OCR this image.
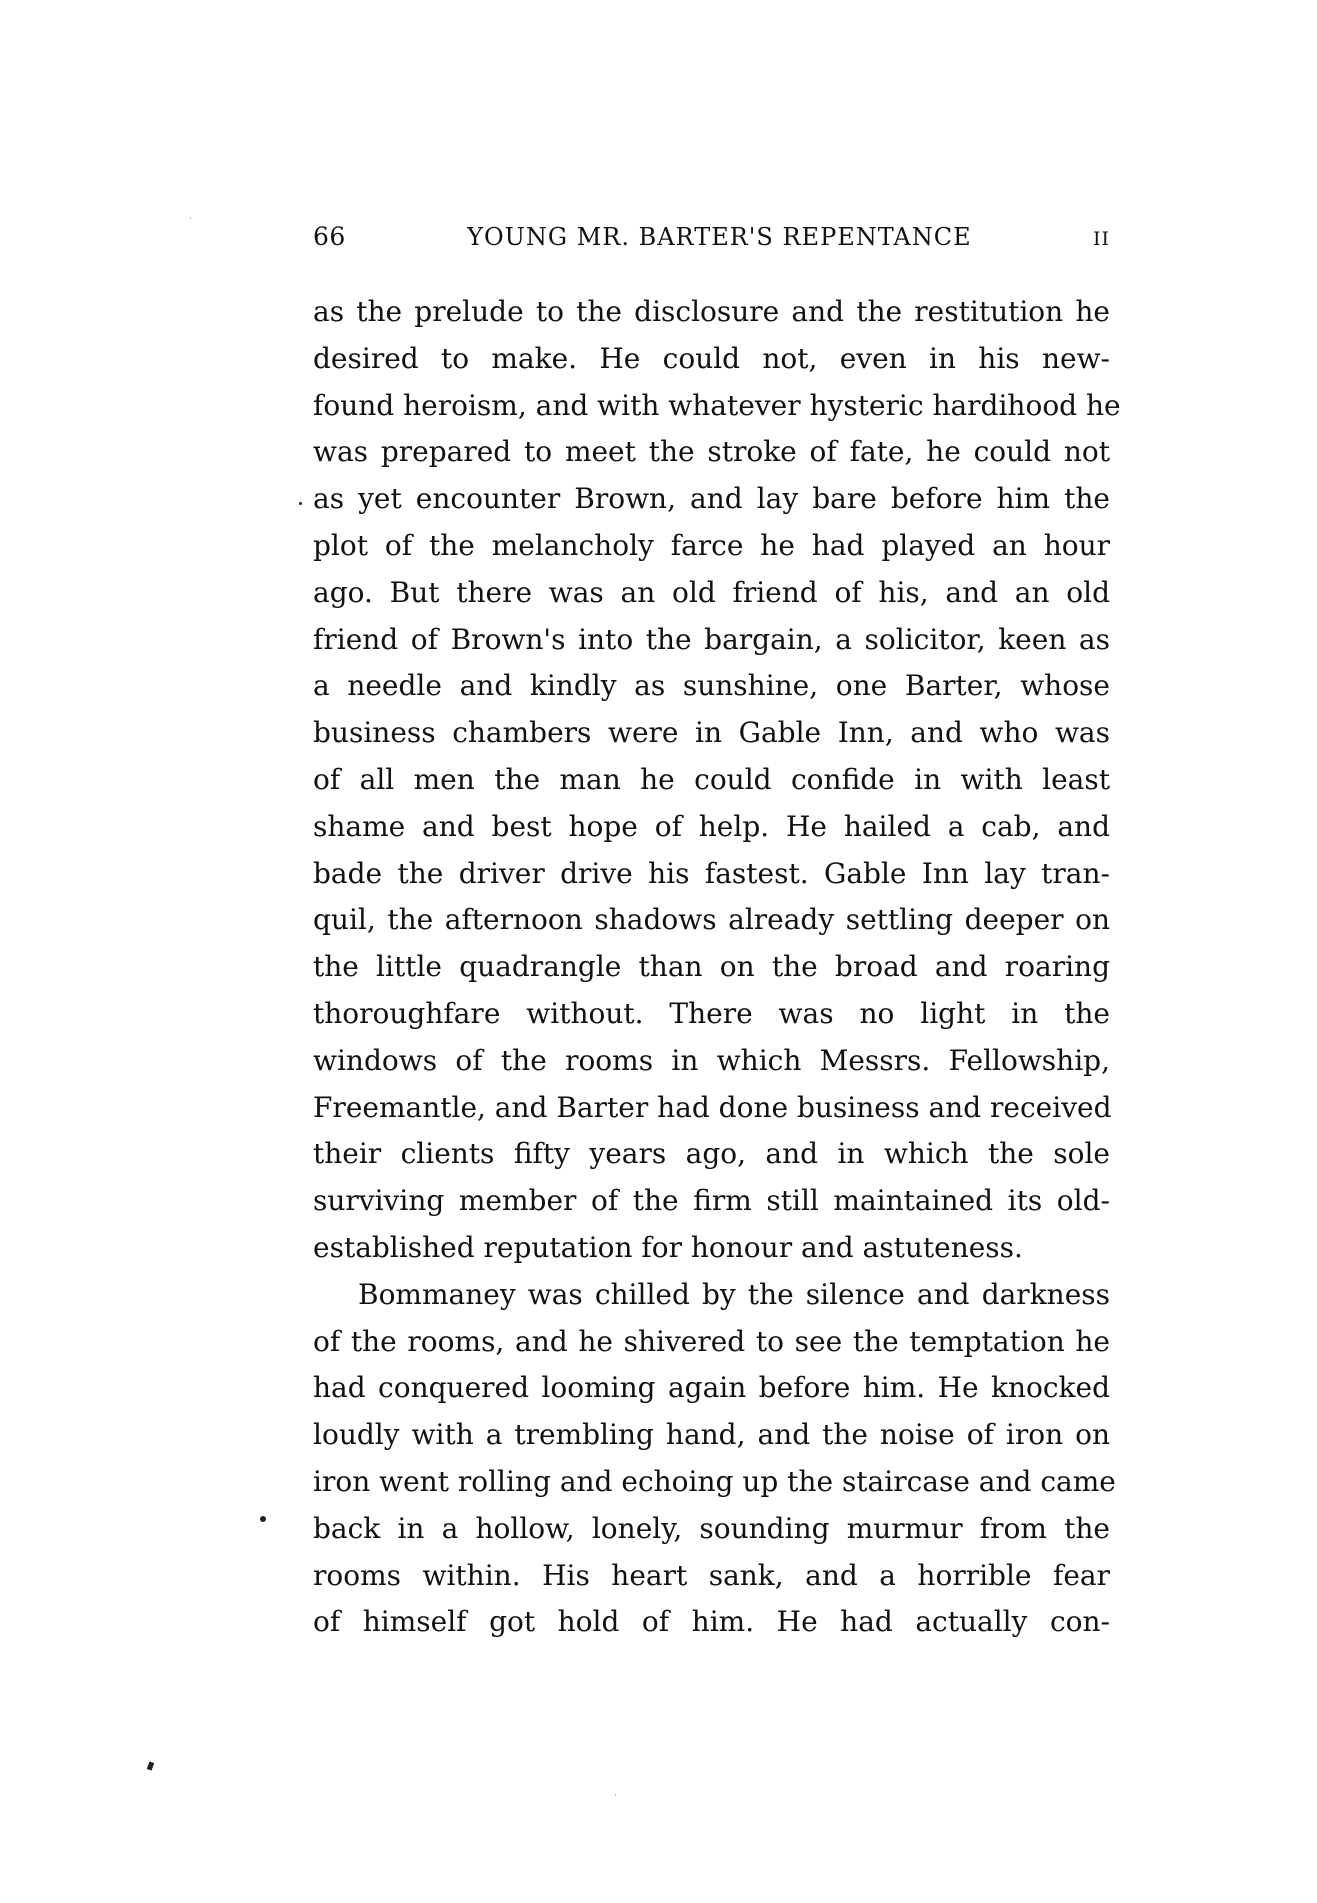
66	YOUNG MR. BARTER'S REPENTANCE	II
as the prelude to the disclosure and the restitution he
desired to make. He could not, even in his new-
found heroism, and with whatever hysteric hardihood he
was prepared to meet the stroke of fate, he could not
as yet encounter Brown, and lay bare before him the
plot of the melancholy farce he had played an hour
ago. But there was an old friend of his, and an old
friend of Brown's into the bargain, a solicitor, keen as
a needle and kindly as sunshine, one Barter, whose
business chambers were in Gable Inn, and who was
of all men the man he could confide in with least
shame and best hope of help. He hailed a cab, and
bade the driver drive his fastest. Gable Inn lay tran-
quil, the afternoon shadows already settling deeper on
the little quadrangle than on the broad and roaring
thoroughfare without. There was no light in the
windows of the rooms in which Messrs. Fellowship,
Freemantle, and Barter had done business and received
their clients fifty years ago, and in which the sole
surviving member of the firm still maintained its old-
established reputation for honour and astuteness.
Bommaney was chilled by the silence and darkness
of the rooms, and he shivered to see the temptation he
had conquered looming again before him. He knocked
loudly with a trembling hand, and the noise of iron on
iron went rolling and echoing up the staircase and came
back in a hollow, lonely, sounding murmur from the
rooms within. His heart sank, and a horrible fear
of himself got hold of him. He had actually con-
